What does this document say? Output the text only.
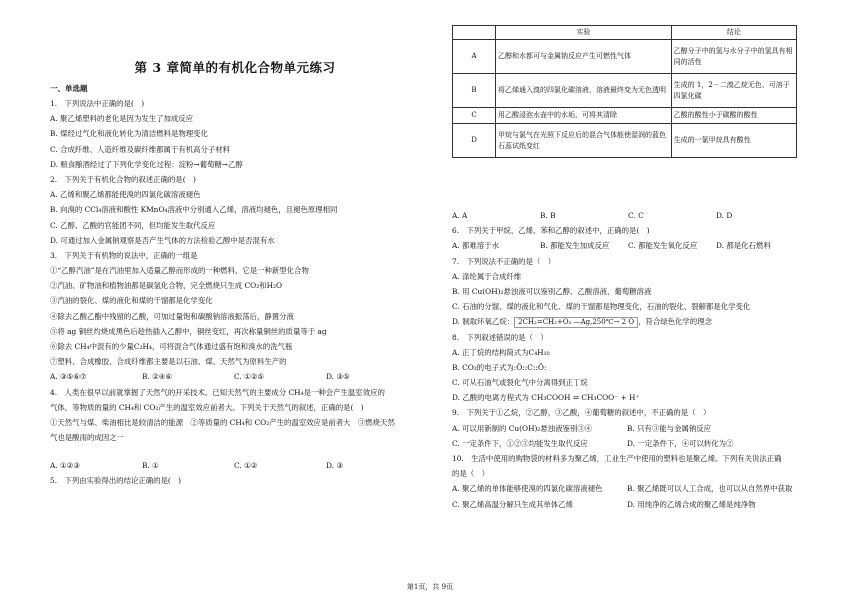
第 3 章简单的有机化合物单元练习
一、单选题
1.　下列说法中正确的是(　)
A. 聚乙烯塑料的老化是因为发生了加成反应
B. 煤经过气化和液化转化为清洁燃料是物理变化
C. 合成纤维、人造纤维及碳纤维都属于有机高分子材料
D. 粮食酿酒经过了下列化学变化过程：淀粉→葡萄糖→乙醇
2.　下列关于有机化合物的叙述正确的是(　)
A. 乙烯和聚乙烯都能使溴的四氯化碳溶液褪色
B. 向溴的 CCl₄溶液和酸性 KMnO₄溶液中分别通入乙烯，溶液均褪色，且褪色原理相同
C. 乙醇、乙酸的官能团不同，但均能发生取代反应
D. 可通过加入金属钠观察是否产生气体的方法检验乙醇中是否混有水
3.　下列关于有机物的说法中，正确的一组是
①“乙醇汽油”是在汽油里加入适量乙醇而形成的一种燃料，它是一种新型化合物
②汽油、矿物油和植物油都是碳氢化合物，完全燃烧只生成 CO₂和H₂O
③汽油的裂化、煤的液化和煤的干馏都是化学变化
④除去乙酸乙酯中残留的乙酸，可加过量饱和碳酸钠溶液振荡后，静置分液
⑤将 ag 铜丝灼烧成黑色后趁热插入乙醇中，铜丝变红，再次称量铜丝的质量等于 ag
⑥除去 CH₄中混有的少量C₂H₄，可将混合气体通过盛有饱和溴水的洗气瓶
⑦塑料、合成橡胶、合成纤维都主要是以石油、煤、天然气为原料生产的
A. ③⑤⑥⑦	B. ②④⑥	C. ①②⑤	D. ③⑤
4.　人类在很早以前就掌握了天然气的开采技术。已知天然气的主要成分 CH₄是一种会产生温室效应的
气体，等物质的量的 CH₄和 CO₂产生的温室效应前者大。下列关于天然气的叙述，正确的是(　)
①天然气与煤、柴油相比是较清洁的能源　②等质量的 CH₄和 CO₂产生的温室效应是前者大　③燃烧天然
气也是酸雨的成因之一
A. ①②③	B. ①	C. ①②	D. ③
5.　下列由实验得出的结论正确的是(　)
	实验	结论
A	乙醇和水都可与金属钠反应产生可燃性气体	乙醇分子中的氢与水分子中的氢具有相同的活性
B	将乙烯通入溴的四氯化碳溶液，溶液最终变为无色透明	生成的 1，2－二溴乙烷无色、可溶于四氯化碳
C	用乙酸浸泡水壶中的水垢，可将其清除	乙酸的酸性小于碳酸的酸性
D	甲烷与氯气在光照下反应后的混合气体能使湿润的蓝色石蕊试纸变红	生成的一氯甲烷具有酸性
A. A	B. B	C. C	D. D
6.　下列关于甲烷、乙烯、苯和乙醇的叙述中，正确的是(　)
A. 都难溶于水	B. 都能发生加成反应	C. 都能发生氧化反应	D. 都是化石燃料
7.　下列说法不正确的是（　）
A. 涤纶属于合成纤维
B. 用 Cu(OH)₂悬浊液可以鉴别乙醇、乙酸溶液、葡萄糖溶液
C. 石油的分馏、煤的液化和气化、煤的干馏都是物理变化，石油的裂化、裂解都是化学变化
D. 制取环氧乙烷： 2CH₂=CH₂+O₂ —Ag,250℃→ 2 O ，符合绿色化学的理念
8.　下列叙述错误的是（　）
A. 正丁烷的结构简式为C₄H₁₀
B. CO₂的电子式为:Ö::C::Ö:
C. 可从石油气或裂化气中分离得到正丁烷
D. 乙酸的电离方程式为 CH₃COOH ⇌ CH₃COO⁻ + H⁺
9.　下列关于①乙烷，②乙醇，③乙酸，④葡萄糖的叙述中，不正确的是（　）
A. 可以用新制的 Cu(OH)₂悬浊液鉴别③④	B. 只有③能与金属钠反应
C. 一定条件下，①②③均能发生取代反应	D. 一定条件下，④可以转化为②
10.　生活中使用的购物袋的材料多为聚乙烯，工业生产中使用的塑料也是聚乙烯。下列有关说法正确
的是（　）
A. 聚乙烯的单体能够使溴的四氯化碳溶液褪色	B. 聚乙烯既可以人工合成，也可以从自然界中获取
C. 聚乙烯高温分解只生成其单体乙烯	D. 用纯净的乙烯合成的聚乙烯是纯净物
第1页，共 9页
